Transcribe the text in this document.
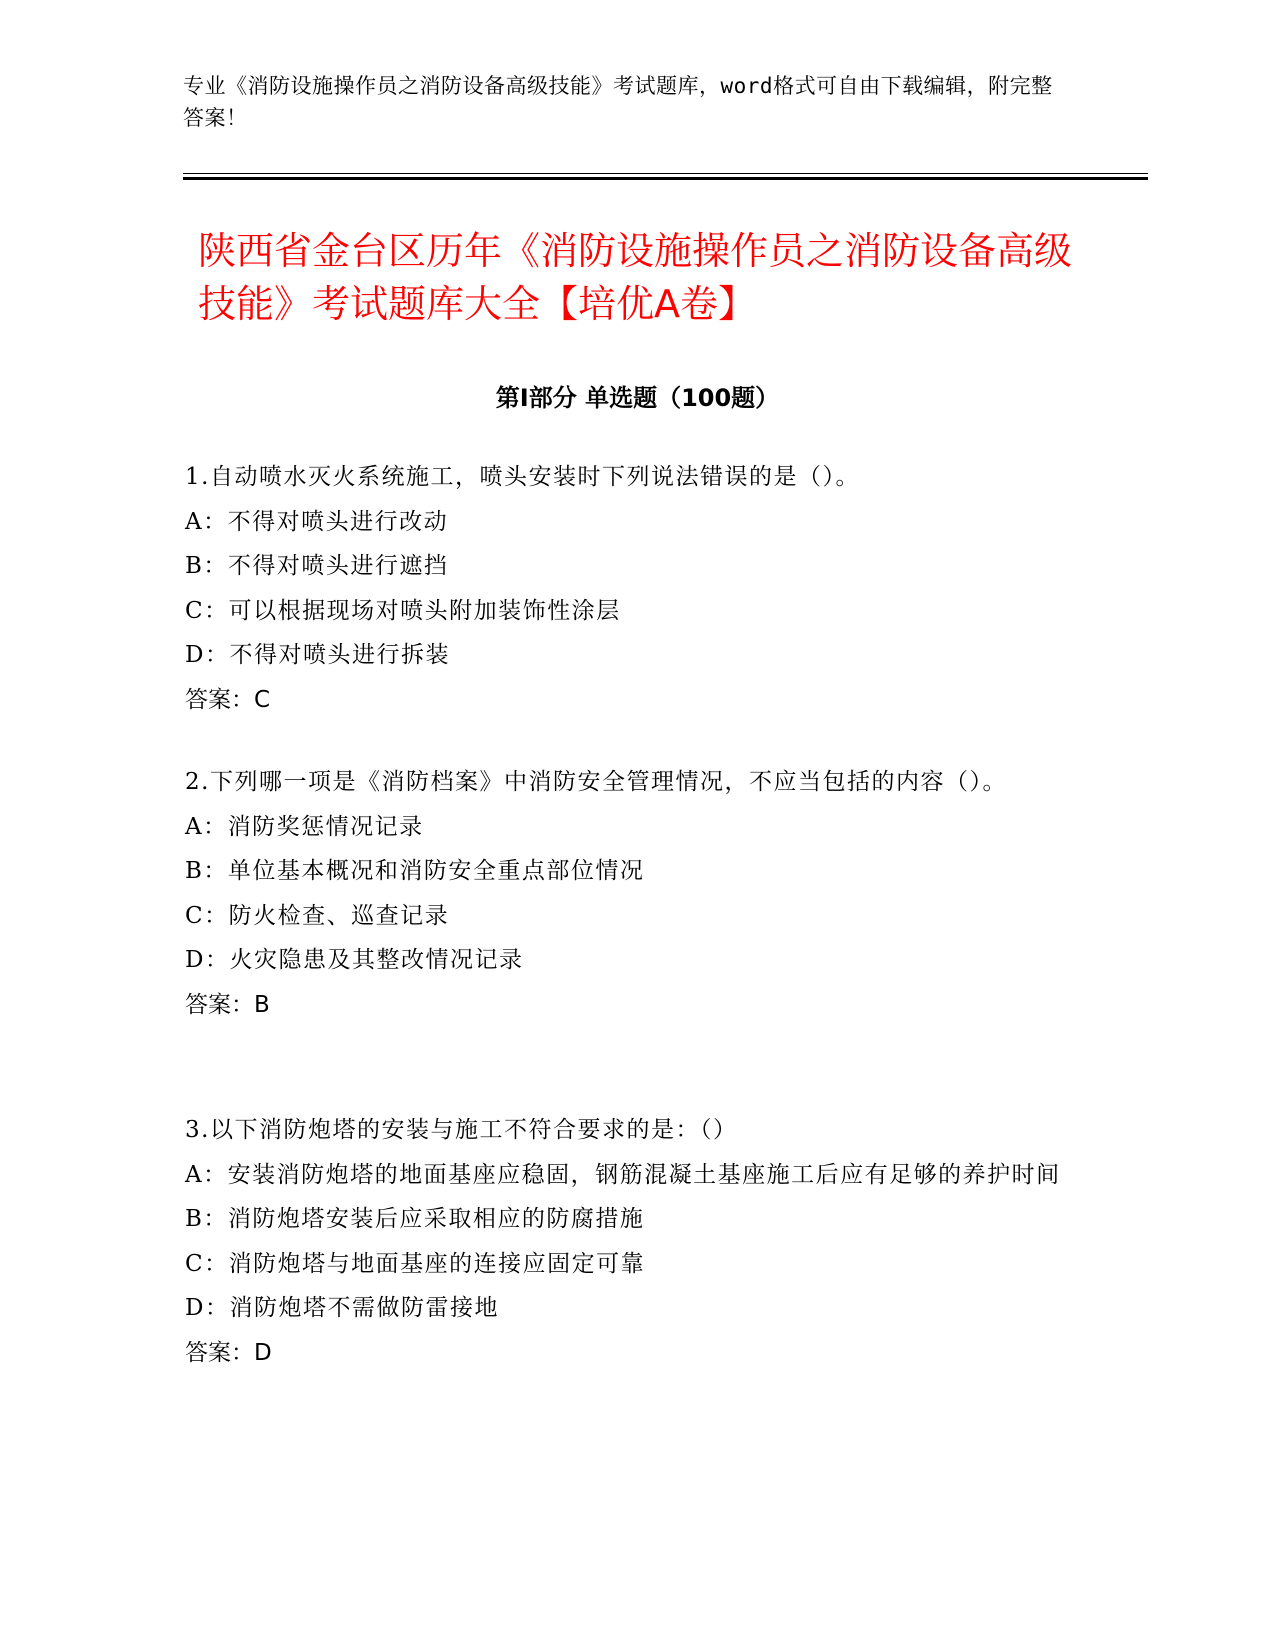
专业《消防设施操作员之消防设备高级技能》考试题库，word格式可自由下载编辑，附完整答案！
陕西省金台区历年《消防设施操作员之消防设备高级技能》考试题库大全【培优A卷】
第I部分 单选题（100题）
1.自动喷水灭火系统施工，喷头安装时下列说法错误的是（）。
A：不得对喷头进行改动
B：不得对喷头进行遮挡
C：可以根据现场对喷头附加装饰性涂层
D：不得对喷头进行拆装
答案：C
2.下列哪一项是《消防档案》中消防安全管理情况，不应当包括的内容（）。
A：消防奖惩情况记录
B：单位基本概况和消防安全重点部位情况
C：防火检查、巡查记录
D：火灾隐患及其整改情况记录
答案：B
3.以下消防炮塔的安装与施工不符合要求的是：（）
A：安装消防炮塔的地面基座应稳固，钢筋混凝土基座施工后应有足够的养护时间
B：消防炮塔安装后应采取相应的防腐措施
C：消防炮塔与地面基座的连接应固定可靠
D：消防炮塔不需做防雷接地
答案：D
